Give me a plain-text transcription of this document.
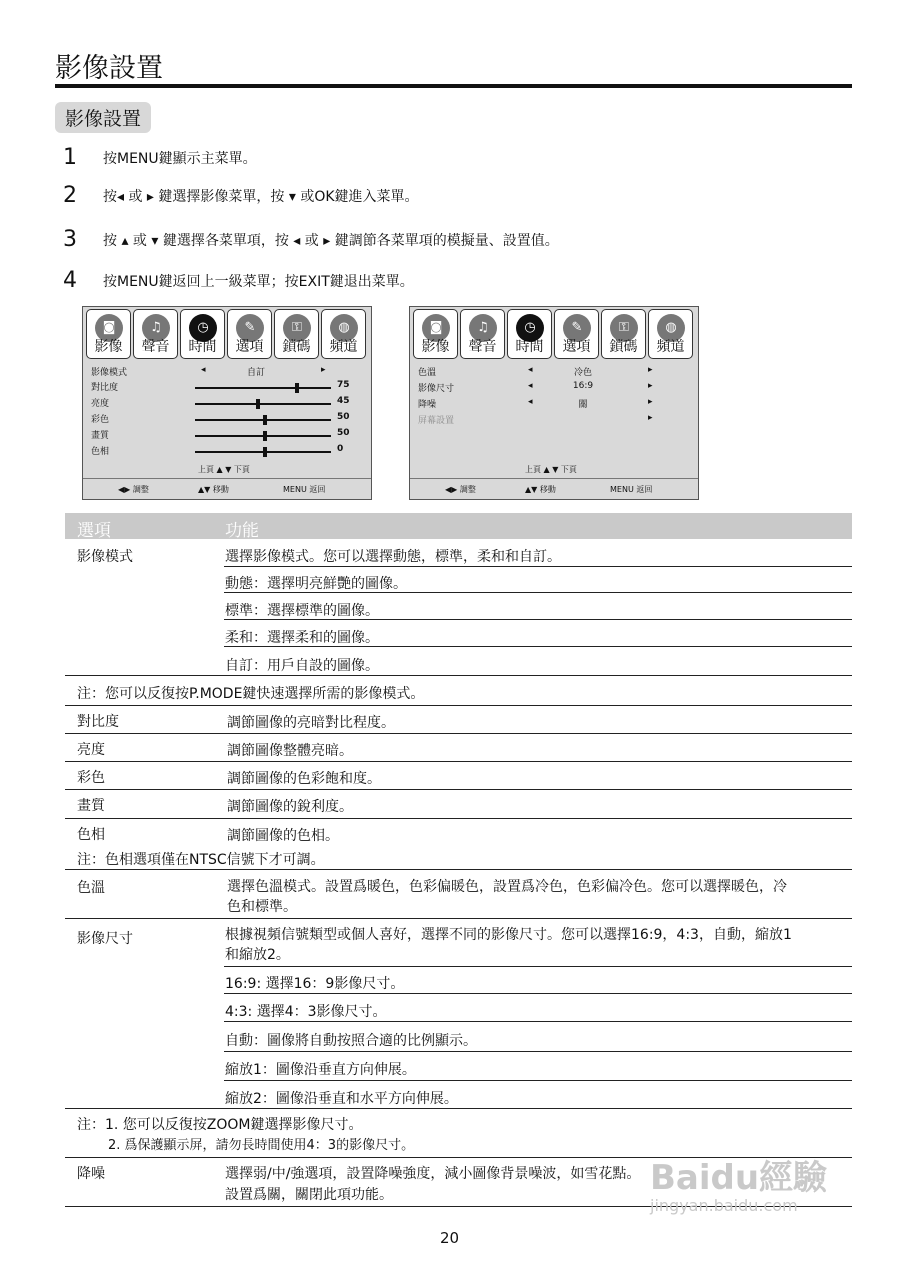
影像設置
影像設置
1	按MENU鍵顯示主菜單。
2	按◂ 或 ▸ 鍵選擇影像菜單，按 ▾ 或OK鍵進入菜單。
3	按 ▴ 或 ▾ 鍵選擇各菜單項，按 ◂ 或 ▸ 鍵調節各菜單項的模擬量、設置值。
4	按MENU鍵返回上一級菜單；按EXIT鍵退出菜單。
◙
影像
♫
聲音
◷
時間
✎
選項
⚿
鎖碼
◍
頻道
影像模式	◂	自訂	▸
對比度	75
亮度	45
彩色	50
畫質	50
色相	0
上頁 ▲ ▼ 下頁
◀▶ 調整	▲▼ 移動	MENU 返回
◙
影像
♫
聲音
◷
時間
✎
選項
⚿
鎖碼
◍
頻道
色溫	◂	冷色	▸
影像尺寸	◂	16:9	▸
降噪	◂	關	▸
屏幕設置	▸
上頁 ▲ ▼ 下頁
◀▶ 調整	▲▼ 移動	MENU 返回
選項	功能
影像模式	選擇影像模式。您可以選擇動態，標準，柔和和自訂。
動態：選擇明亮鮮艷的圖像。
標準：選擇標準的圖像。
柔和：選擇柔和的圖像。
自訂：用戶自設的圖像。
注：您可以反復按P.MODE鍵快速選擇所需的影像模式。
對比度	調節圖像的亮暗對比程度。
亮度	調節圖像整體亮暗。
彩色	調節圖像的色彩飽和度。
畫質	調節圖像的銳利度。
色相	調節圖像的色相。
注：色相選項僅在NTSC信號下才可調。
色溫	選擇色溫模式。設置爲暖色，色彩偏暖色，設置爲冷色，色彩偏冷色。您可以選擇暖色，冷
色和標準。
影像尺寸	根據視頻信號類型或個人喜好，選擇不同的影像尺寸。您可以選擇16:9，4:3，自動，縮放1
和縮放2。
16:9: 選擇16：9影像尺寸。
4:3: 選擇4：3影像尺寸。
自動：圖像將自動按照合適的比例顯示。
縮放1：圖像沿垂直方向伸展。
縮放2：圖像沿垂直和水平方向伸展。
注：1. 您可以反復按ZOOM鍵選擇影像尺寸。
2. 爲保護顯示屏，請勿長時間使用4：3的影像尺寸。
降噪	選擇弱/中/強選項，設置降噪強度，減小圖像背景噪波，如雪花點。
設置爲關，關閉此項功能。	Baidu經驗
jingyan.baidu.com
20
